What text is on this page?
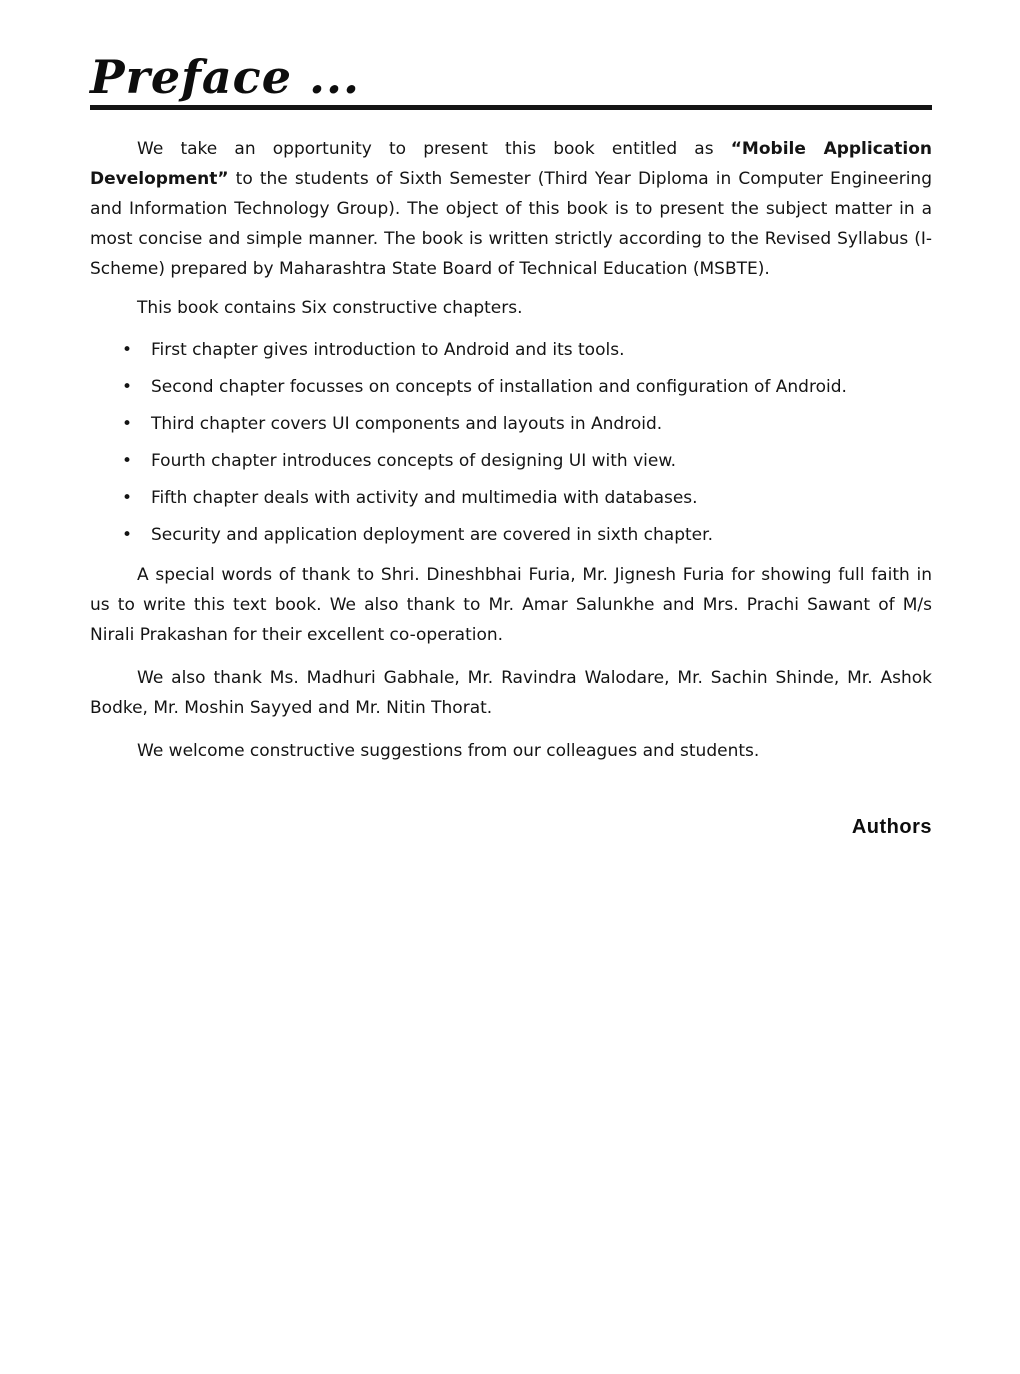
Preface ...

We take an opportunity to present this book entitled as “Mobile Application Development” to the students of Sixth Semester (Third Year Diploma in Computer Engineering and Information Technology Group). The object of this book is to present the subject matter in a most concise and simple manner. The book is written strictly according to the Revised Syllabus (I-Scheme) prepared by Maharashtra State Board of Technical Education (MSBTE).

This book contains Six constructive chapters.

•	First chapter gives introduction to Android and its tools.
•	Second chapter focusses on concepts of installation and configuration of Android.
•	Third chapter covers UI components and layouts in Android.
•	Fourth chapter introduces concepts of designing UI with view.
•	Fifth chapter deals with activity and multimedia with databases.
•	Security and application deployment are covered in sixth chapter.

A special words of thank to Shri. Dineshbhai Furia, Mr. Jignesh Furia for showing full faith in us to write this text book. We also thank to Mr. Amar Salunkhe and Mrs. Prachi Sawant of M/s Nirali Prakashan for their excellent co-operation.

We also thank Ms. Madhuri Gabhale, Mr. Ravindra Walodare, Mr. Sachin Shinde, Mr. Ashok Bodke, Mr. Moshin Sayyed and Mr. Nitin Thorat.

We welcome constructive suggestions from our colleagues and students.

Authors
